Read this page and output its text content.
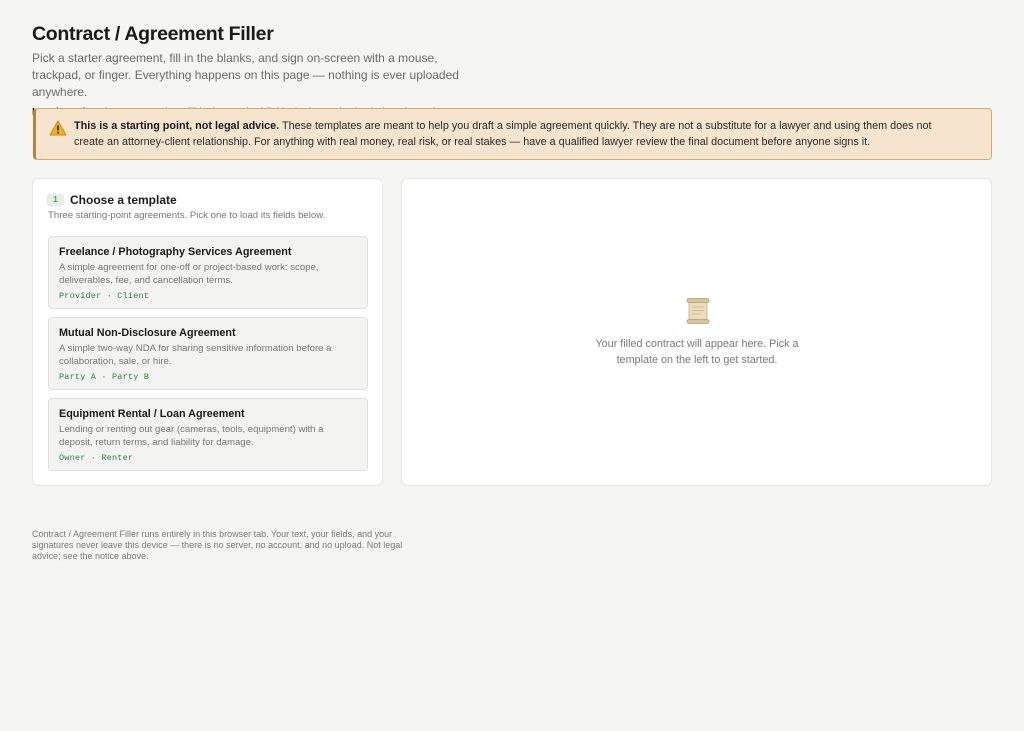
Contract / Agreement Filler

Pick a starter agreement, fill in the blanks, and sign on-screen with a mouse, trackpad, or finger. Everything happens on this page — nothing is ever uploaded anywhere.

This is a starting point, not legal advice. These templates are meant to help you draft a simple agreement quickly. They are not a substitute for a lawyer and using them does not create an attorney-client relationship. For anything with real money, real risk, or real stakes — have a qualified lawyer review the final document before anyone signs it.

1 Choose a template

Three starting-point agreements. Pick one to load its fields below.

Freelance / Photography Services Agreement
A simple agreement for one-off or project-based work: scope, deliverables, fee, and cancellation terms.
Provider · Client
Mutual Non-Disclosure Agreement
A simple two-way NDA for sharing sensitive information before a collaboration, sale, or hire.
Party A · Party B
Equipment Rental / Loan Agreement
Lending or renting out gear (cameras, tools, equipment) with a deposit, return terms, and liability for damage.
Owner · Renter

Your filled contract will appear here. Pick a template on the left to get started.

Contract / Agreement Filler runs entirely in this browser tab. Your text, your fields, and your signatures never leave this device — there is no server, no account, and no upload. Not legal advice; see the notice above.
